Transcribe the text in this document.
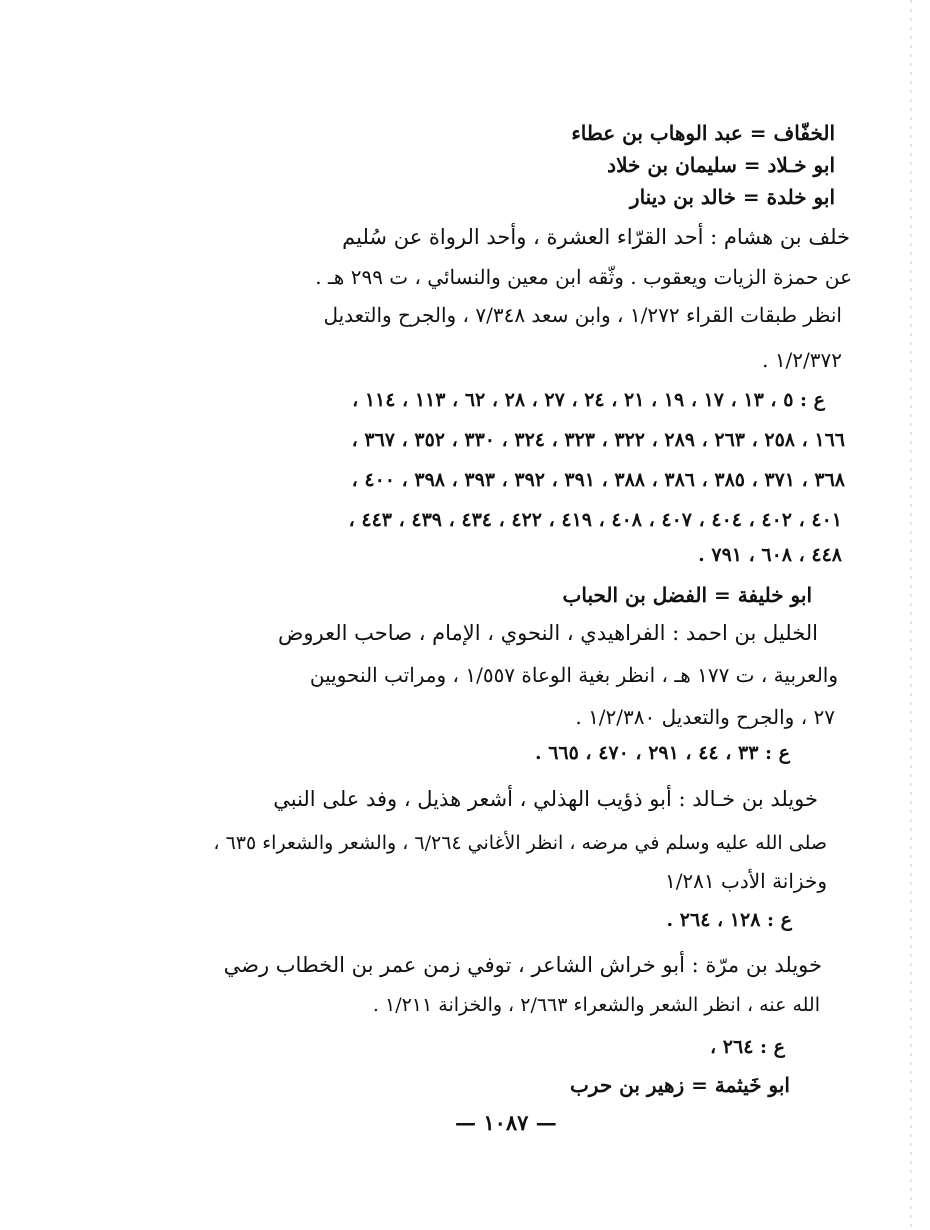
الخفّاف = عبد الوهاب بن عطاء
ابو خـلاد = سليمان بن خلاد
ابو خلدة = خالد بن دينار
خلف بن هشام : أحد القرّاء العشرة ، وأحد الرواة عن سُليم
عن حمزة الزيات ويعقوب . وثّقه ابن معين والنسائي ، ت ٢٩٩ هـ .
انظر طبقات القراء ١/٢٧٢ ، وابن سعد ٧/٣٤٨ ، والجرح والتعديل
١/٢/٣٧٢ .
ع : ٥ ، ١٣ ، ١٧ ، ١٩ ، ٢١ ، ٢٤ ، ٢٧ ، ٢٨ ، ٦٢ ، ١١٣ ، ١١٤ ،
١٦٦ ، ٢٥٨ ، ٢٦٣ ، ٢٨٩ ، ٣٢٢ ، ٣٢٣ ، ٣٢٤ ، ٣٣٠ ، ٣٥٢ ، ٣٦٧ ،
٣٦٨ ، ٣٧١ ، ٣٨٥ ، ٣٨٦ ، ٣٨٨ ، ٣٩١ ، ٣٩٢ ، ٣٩٣ ، ٣٩٨ ، ٤٠٠ ،
٤٠١ ، ٤٠٢ ، ٤٠٤ ، ٤٠٧ ، ٤٠٨ ، ٤١٩ ، ٤٢٢ ، ٤٣٤ ، ٤٣٩ ، ٤٤٣ ،
٤٤٨ ، ٦٠٨ ، ٧٩١ .
ابو خليفة = الفضل بن الحباب
الخليل بن احمد : الفراهيدي ، النحوي ، الإمام ، صاحب العروض
والعربية ، ت ١٧٧ هـ ، انظر بغية الوعاة ١/٥٥٧ ، ومراتب النحويين
٢٧ ، والجرح والتعديل ١/٢/٣٨٠ .
ع : ٣٣ ، ٤٤ ، ٢٩١ ، ٤٧٠ ، ٦٦٥ .
خويلد بن خـالد : أبو ذؤيب الهذلي ، أشعر هذيل ، وفد على النبي
صلى الله عليه وسلم في مرضه ، انظر الأغاني ٦/٢٦٤ ، والشعر والشعراء ٦٣٥ ،
وخزانة الأدب ١/٢٨١
ع : ١٢٨ ، ٢٦٤ .
خويلد بن مرّة : أبو خراش الشاعر ، توفي زمن عمر بن الخطاب رضي
الله عنه ، انظر الشعر والشعراء ٢/٦٦٣ ، والخزانة ١/٢١١ .
ع : ٢٦٤ ،
ابو خَيثمة = زهير بن حرب
— ١٠٨٧ —
